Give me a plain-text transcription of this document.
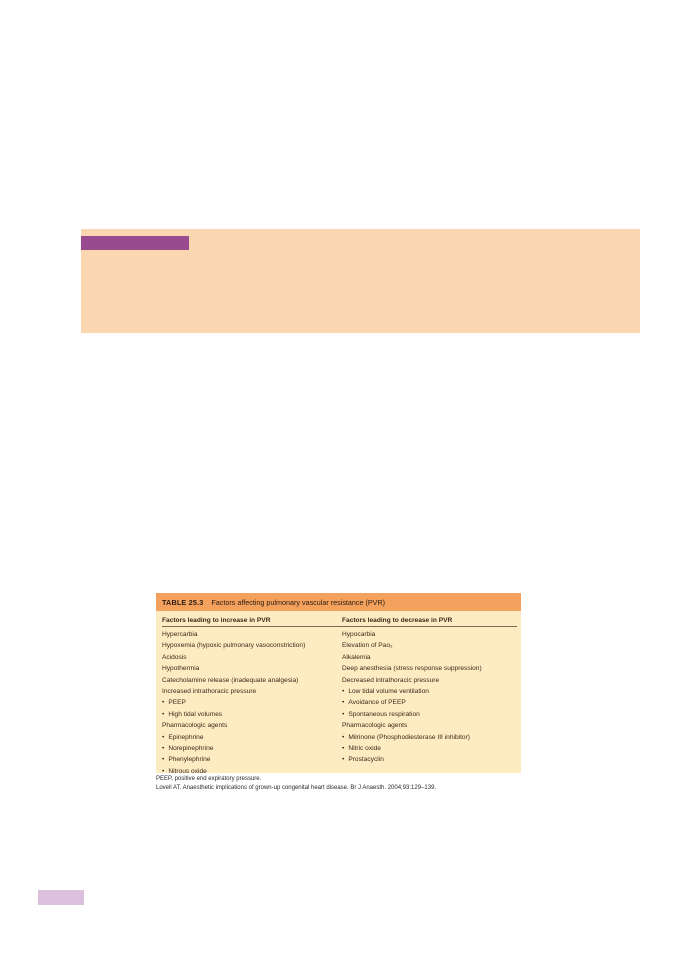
TABLE 25.3 Factors affecting pulmonary vascular resistance (PVR)
Factors leading to increase in PVR	Factors leading to decrease in PVR
Hypercarbia
Hypoxemia (hypoxic pulmonary vasoconstriction)
Acidosis
Hypothermia
Catecholamine release (inadequate analgesia)
Increased intrathoracic pressure
• PEEP
• High tidal volumes
Pharmacologic agents
• Epinephrine
• Norepinephrine
• Phenylephrine
• Nitrous oxide
Hypocarbia
Elevation of Pao₂
Alkalemia
Deep anesthesia (stress response suppression)
Decreased intrathoracic pressure
• Low tidal volume ventilation
• Avoidance of PEEP
• Spontaneous respiration
Pharmacologic agents
• Milrinone (Phosphodiesterase III inhibitor)
• Nitric oxide
• Prostacyclin

PEEP, positive end expiratory pressure.

Lovell AT. Anaesthetic implications of grown-up congenital heart disease. Br J Anaesth. 2004;93:129–139.
